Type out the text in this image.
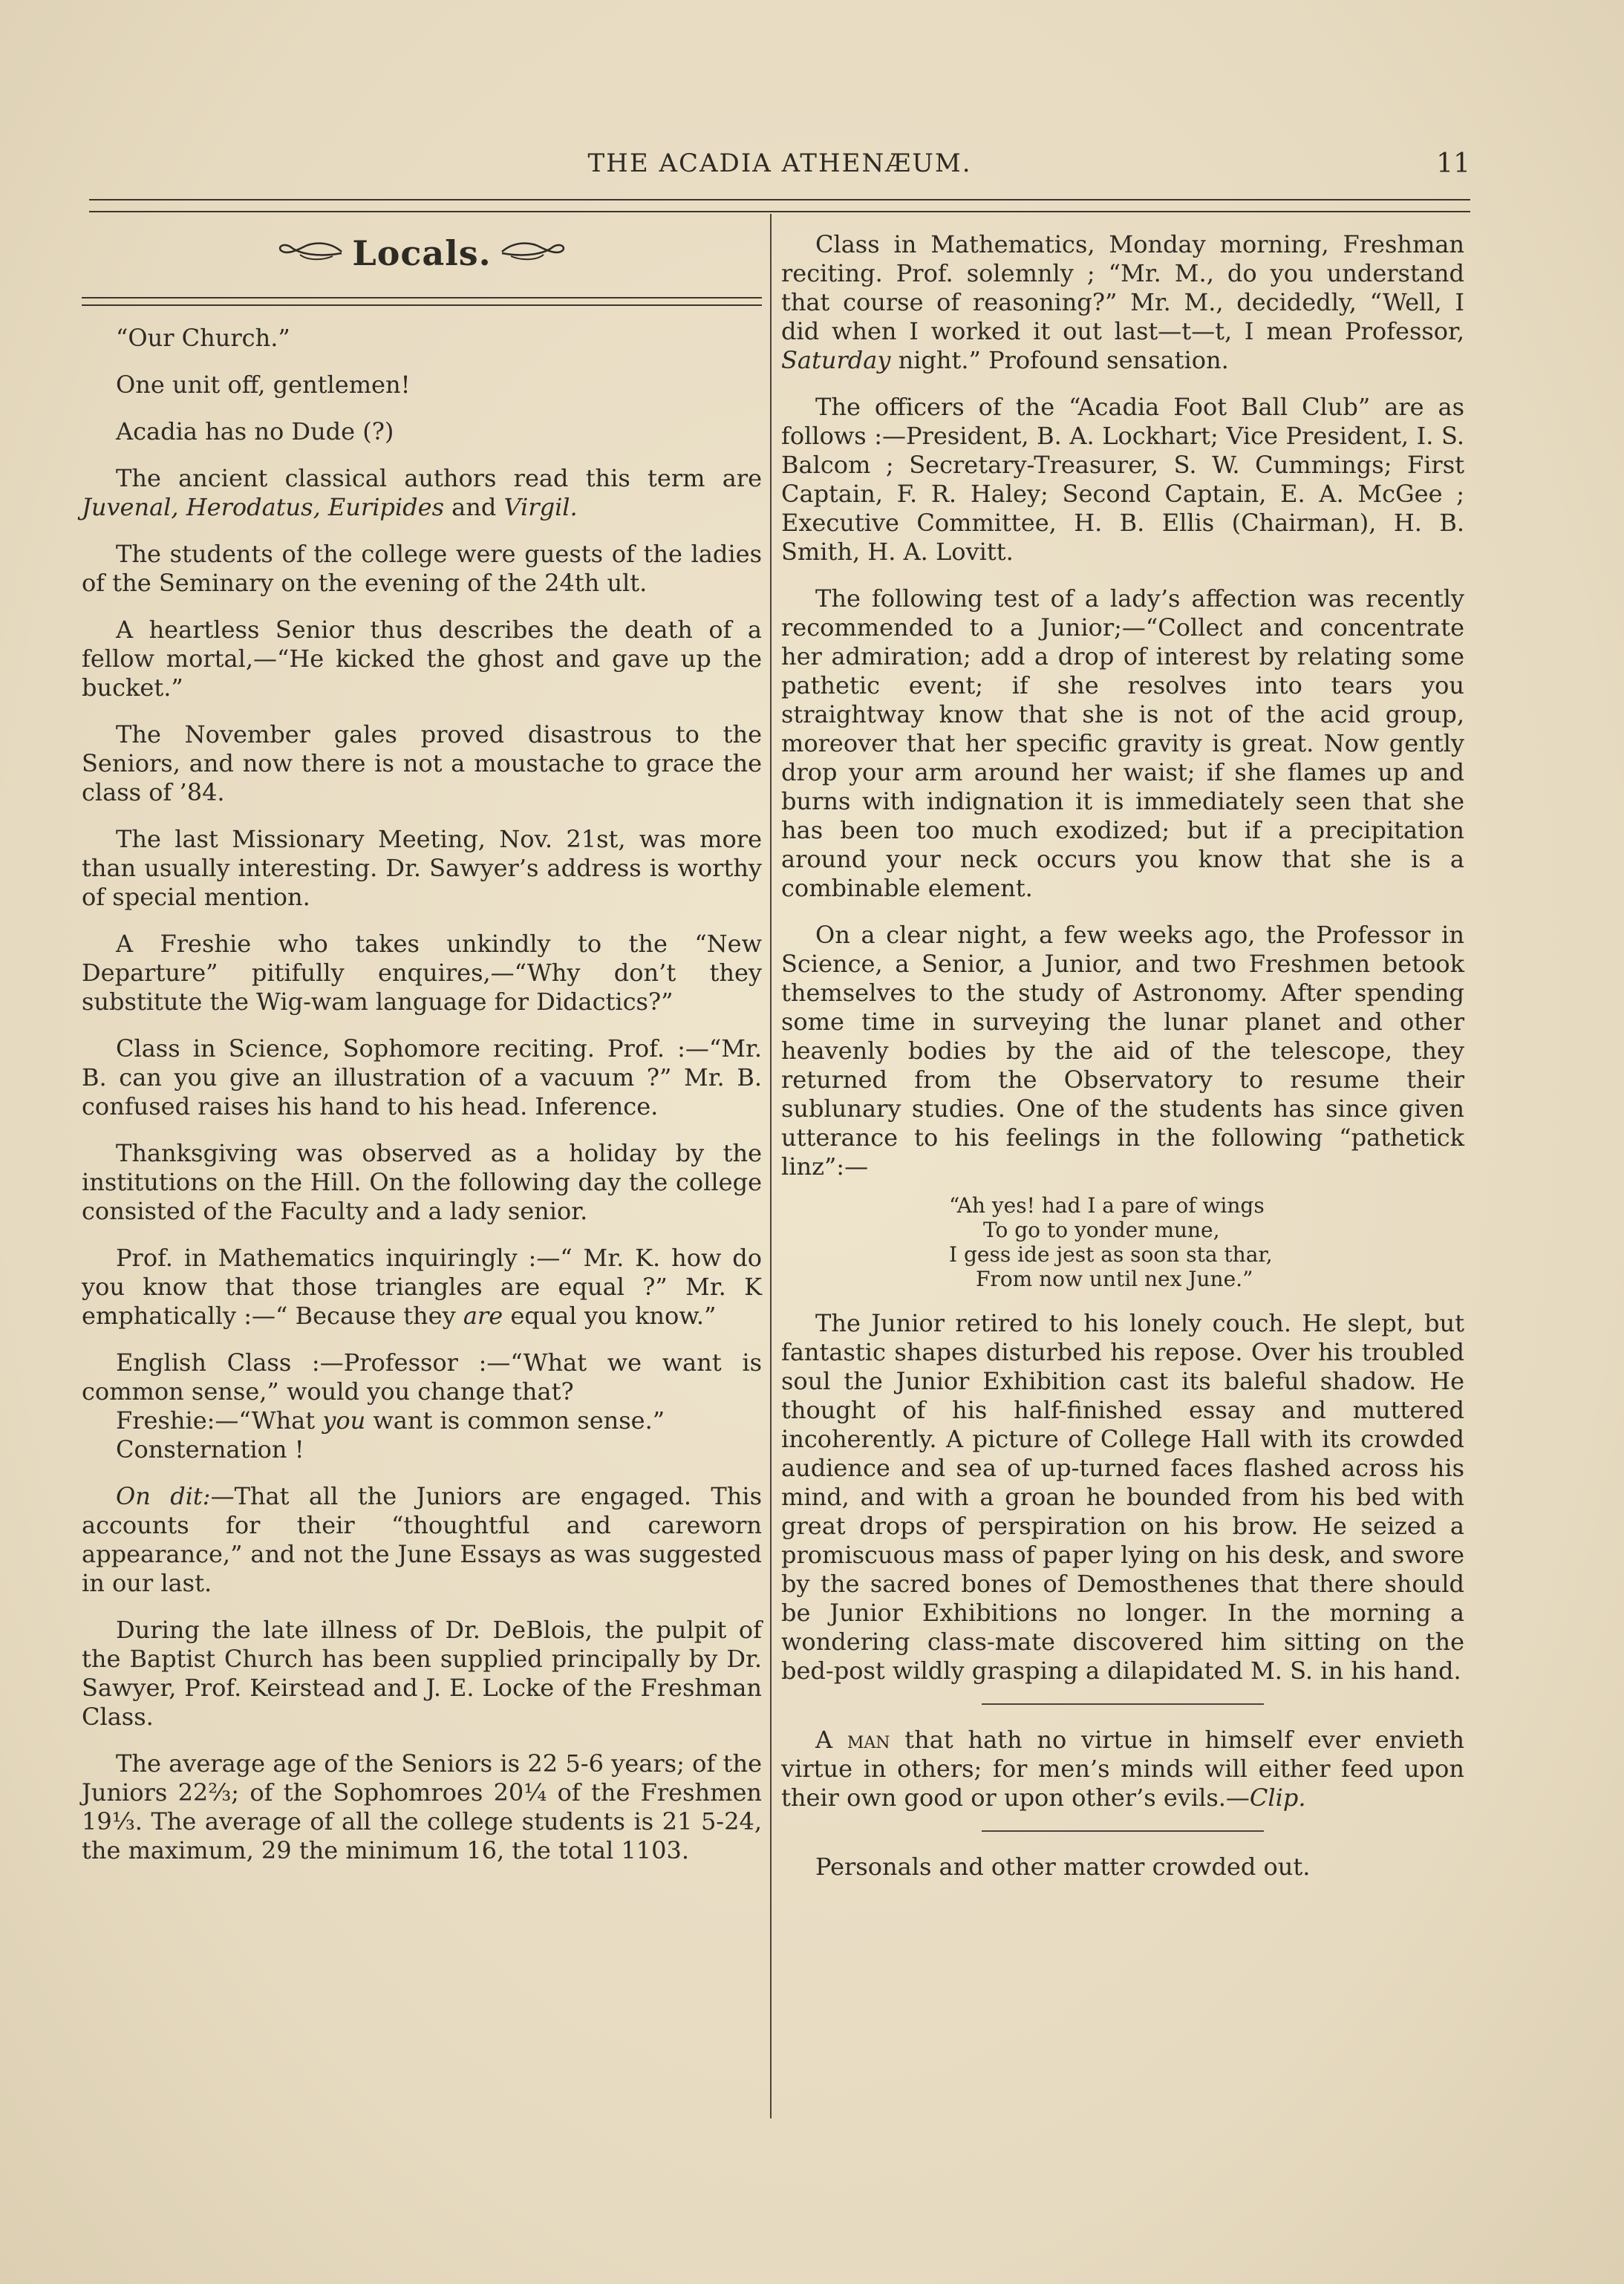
THE ACADIA ATHENÆUM.	11
Locals.

“Our Church.”

One unit off, gentlemen!

Acadia has no Dude (?)

The ancient classical authors read this term are Juvenal, Herodatus, Euripides and Virgil.

The students of the college were guests of the ladies of the Seminary on the evening of the 24th ult.

A heartless Senior thus describes the death of a fellow mortal,—“He kicked the ghost and gave up the bucket.”

The November gales proved disastrous to the Seniors, and now there is not a moustache to grace the class of ’84.

The last Missionary Meeting, Nov. 21st, was more than usually interesting. Dr. Sawyer’s address is worthy of special mention.

A Freshie who takes unkindly to the “New Departure” pitifully enquires,—“Why don’t they substitute the Wig-wam language for Didactics?”

Class in Science, Sophomore reciting. Prof. :—“Mr. B. can you give an illustration of a vacuum ?” Mr. B. confused raises his hand to his head. Inference.

Thanksgiving was observed as a holiday by the institutions on the Hill. On the following day the college consisted of the Faculty and a lady senior.

Prof. in Mathematics inquiringly :—“ Mr. K. how do you know that those triangles are equal ?” Mr. K emphatically :—“ Because they are equal you know.”

English Class :—Professor :—“What we want is common sense,” would you change that?

Freshie:—“What you want is common sense.”

Consternation !

On dit:—That all the Juniors are engaged. This accounts for their “thoughtful and careworn appearance,” and not the June Essays as was suggested in our last.

During the late illness of Dr. DeBlois, the pulpit of the Baptist Church has been supplied principally by Dr. Sawyer, Prof. Keirstead and J. E. Locke of the Freshman Class.

The average age of the Seniors is 22 5-6 years; of the Juniors 22⅔; of the Sophomroes 20¼ of the Freshmen 19⅓. The average of all the college students is 21 5-24, the maximum, 29 the minimum 16, the total 1103.

Class in Mathematics, Monday morning, Freshman reciting. Prof. solemnly ; “Mr. M., do you understand that course of reasoning?” Mr. M., decidedly, “Well, I did when I worked it out last—t—t, I mean Professor, Saturday night.” Profound sensation.

The officers of the “Acadia Foot Ball Club” are as follows :—President, B. A. Lockhart; Vice President, I. S. Balcom ; Secretary-Treasurer, S. W. Cummings; First Captain, F. R. Haley; Second Captain, E. A. McGee ; Executive Committee, H. B. Ellis (Chairman), H. B. Smith, H. A. Lovitt.

The following test of a lady’s affection was recently recommended to a Junior;—“Collect and concentrate her admiration; add a drop of interest by relating some pathetic event; if she resolves into tears you straightway know that she is not of the acid group, moreover that her specific gravity is great. Now gently drop your arm around her waist; if she flames up and burns with indignation it is immediately seen that she has been too much exodized; but if a precipitation around your neck occurs you know that she is a combinable element.

On a clear night, a few weeks ago, the Professor in Science, a Senior, a Junior, and two Freshmen betook themselves to the study of Astronomy. After spending some time in surveying the lunar planet and other heavenly bodies by the aid of the telescope, they returned from the Observatory to resume their sublunary studies. One of the students has since given utterance to his feelings in the following “pathetick linz”:—

“Ah yes! had I a pare of wings
To go to yonder mune,
I gess ide jest as soon sta thar,
From now until nex June.”

The Junior retired to his lonely couch. He slept, but fantastic shapes disturbed his repose. Over his troubled soul the Junior Exhibition cast its baleful shadow. He thought of his half-finished essay and muttered incoherently. A picture of College Hall with its crowded audience and sea of up-turned faces flashed across his mind, and with a groan he bounded from his bed with great drops of perspiration on his brow. He seized a promiscuous mass of paper lying on his desk, and swore by the sacred bones of Demosthenes that there should be Junior Exhibitions no longer. In the morning a wondering class-mate discovered him sitting on the bed-post wildly grasping a dilapidated M. S. in his hand.

A man that hath no virtue in himself ever envieth virtue in others; for men’s minds will either feed upon their own good or upon other’s evils.—Clip.

Personals and other matter crowded out.
